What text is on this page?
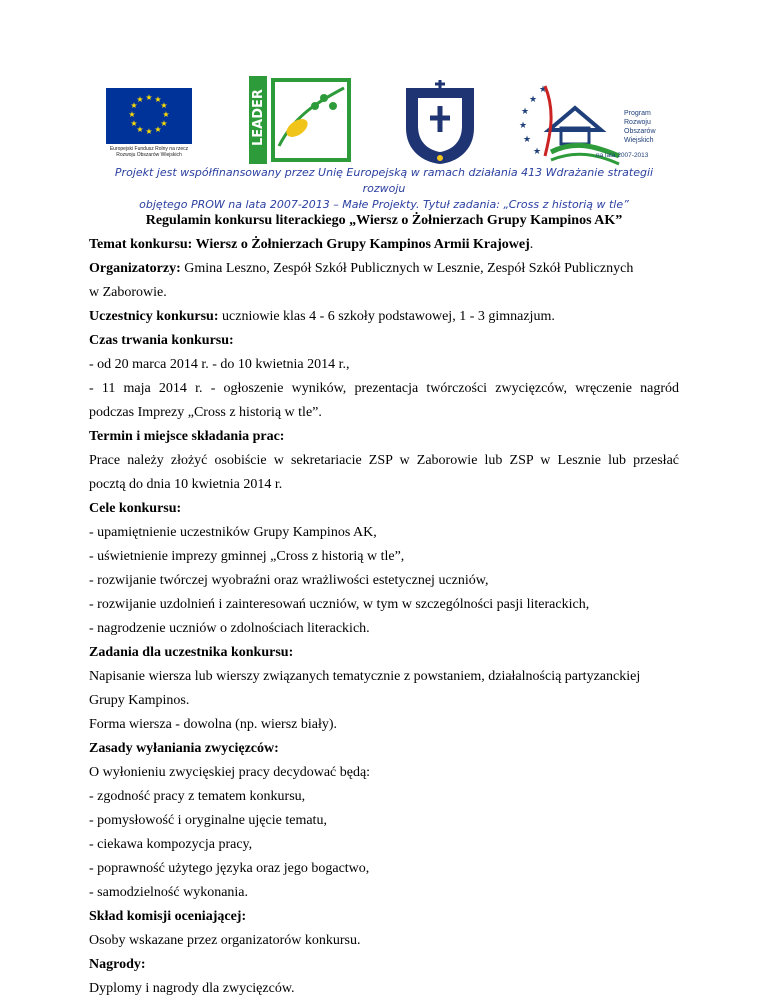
★ ★
★
★
★
★
★
★
★
★
★
★
Europejski Fundusz Rolny na rzecz Rozwoju Obszarów Wiejskich
LEADER	★
★
★
★
★
★
Program
Rozwoju
Obszarów
Wiejskich
na lata 2007-2013
Projekt jest współfinansowany przez Unię Europejską w ramach działania 413 Wdrażanie strategii rozwoju
objętego PROW na lata 2007-2013 – Małe Projekty. Tytuł zadania: „Cross z historią w tle”

Regulamin konkursu literackiego „Wiersz o Żołnierzach Grupy Kampinos AK”

Temat konkursu: Wiersz o Żołnierzach Grupy Kampinos Armii Krajowej.

Organizatorzy: Gmina Leszno, Zespół Szkół Publicznych w Lesznie, Zespół Szkół Publicznych

w Zaborowie.

Uczestnicy konkursu: uczniowie klas 4 - 6 szkoły podstawowej, 1 - 3 gimnazjum.

Czas trwania konkursu:

- od 20 marca 2014 r. - do 10 kwietnia 2014 r.,

- 11 maja 2014 r. - ogłoszenie wyników, prezentacja twórczości zwycięzców, wręczenie nagród

podczas Imprezy „Cross z historią w tle”.

Termin i miejsce składania prac:

Prace należy złożyć osobiście w sekretariacie ZSP w Zaborowie lub ZSP w Lesznie lub przesłać

pocztą do dnia 10 kwietnia 2014 r.

Cele konkursu:

- upamiętnienie uczestników Grupy Kampinos AK,

- uświetnienie imprezy gminnej „Cross z historią w tle”,

- rozwijanie twórczej wyobraźni oraz wrażliwości estetycznej uczniów,

- rozwijanie uzdolnień i zainteresowań uczniów, w tym w szczególności pasji literackich,

- nagrodzenie uczniów o zdolnościach literackich.

Zadania dla uczestnika konkursu:

Napisanie wiersza lub wierszy związanych tematycznie z powstaniem, działalnością partyzanckiej

Grupy Kampinos.

Forma wiersza - dowolna (np. wiersz biały).

Zasady wyłaniania zwycięzców:

O wyłonieniu zwycięskiej pracy decydować będą:

- zgodność pracy z tematem konkursu,

- pomysłowość i oryginalne ujęcie tematu,

- ciekawa kompozycja pracy,

- poprawność użytego języka oraz jego bogactwo,

- samodzielność wykonania.

Skład komisji oceniającej:

Osoby wskazane przez organizatorów konkursu.

Nagrody:

Dyplomy i nagrody dla zwycięzców.
